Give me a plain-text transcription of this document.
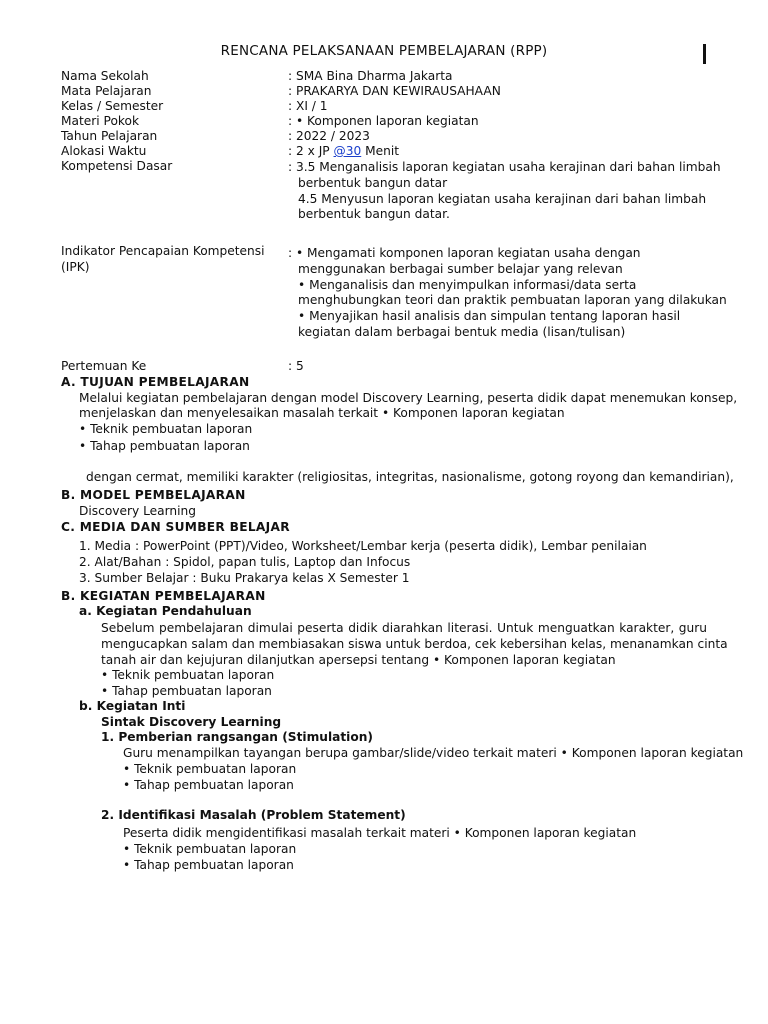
RENCANA PELAKSANAAN PEMBELAJARAN (RPP)
Nama Sekolah	: SMA Bina Dharma Jakarta
Mata Pelajaran	: PRAKARYA DAN KEWIRAUSAHAAN
Kelas / Semester	: XI / 1
Materi Pokok	: • Komponen laporan kegiatan
Tahun Pelajaran	: 2022 / 2023
Alokasi Waktu	: 2 x JP @30 Menit
Kompetensi Dasar	: 3.5 Menganalisis laporan kegiatan usaha kerajinan dari bahan limbah
berbentuk bangun datar
4.5 Menyusun laporan kegiatan usaha kerajinan dari bahan limbah
berbentuk bangun datar.
Indikator Pencapaian Kompetensi
(IPK)
: • Mengamati komponen laporan kegiatan usaha dengan
menggunakan berbagai sumber belajar yang relevan
• Menganalisis dan menyimpulkan informasi/data serta
menghubungkan teori dan praktik pembuatan laporan yang dilakukan
• Menyajikan hasil analisis dan simpulan tentang laporan hasil
kegiatan dalam berbagai bentuk media (lisan/tulisan)
Pertemuan Ke	: 5
A. TUJUAN PEMBELAJARAN
Melalui kegiatan pembelajaran dengan model Discovery Learning, peserta didik dapat menemukan konsep,
menjelaskan dan menyelesaikan masalah terkait • Komponen laporan kegiatan
• Teknik pembuatan laporan
• Tahap pembuatan laporan
dengan cermat, memiliki karakter (religiositas, integritas, nasionalisme, gotong royong dan kemandirian),
B. MODEL PEMBELAJARAN
Discovery Learning
C. MEDIA DAN SUMBER BELAJAR
1. Media : PowerPoint (PPT)/Video, Worksheet/Lembar kerja (peserta didik), Lembar penilaian
2. Alat/Bahan : Spidol, papan tulis, Laptop dan Infocus
3. Sumber Belajar : Buku Prakarya kelas X Semester 1
B. KEGIATAN PEMBELAJARAN
a. Kegiatan Pendahuluan
Sebelum pembelajaran dimulai peserta didik diarahkan literasi. Untuk menguatkan karakter, guru
mengucapkan salam dan membiasakan siswa untuk berdoa, cek kebersihan kelas, menanamkan cinta
tanah air dan kejujuran dilanjutkan apersepsi tentang • Komponen laporan kegiatan
• Teknik pembuatan laporan
• Tahap pembuatan laporan
b. Kegiatan Inti
Sintak Discovery Learning
1. Pemberian rangsangan (Stimulation)
Guru menampilkan tayangan berupa gambar/slide/video terkait materi • Komponen laporan kegiatan
• Teknik pembuatan laporan
• Tahap pembuatan laporan
2. Identifikasi Masalah (Problem Statement)
Peserta didik mengidentifikasi masalah terkait materi • Komponen laporan kegiatan
• Teknik pembuatan laporan
• Tahap pembuatan laporan
